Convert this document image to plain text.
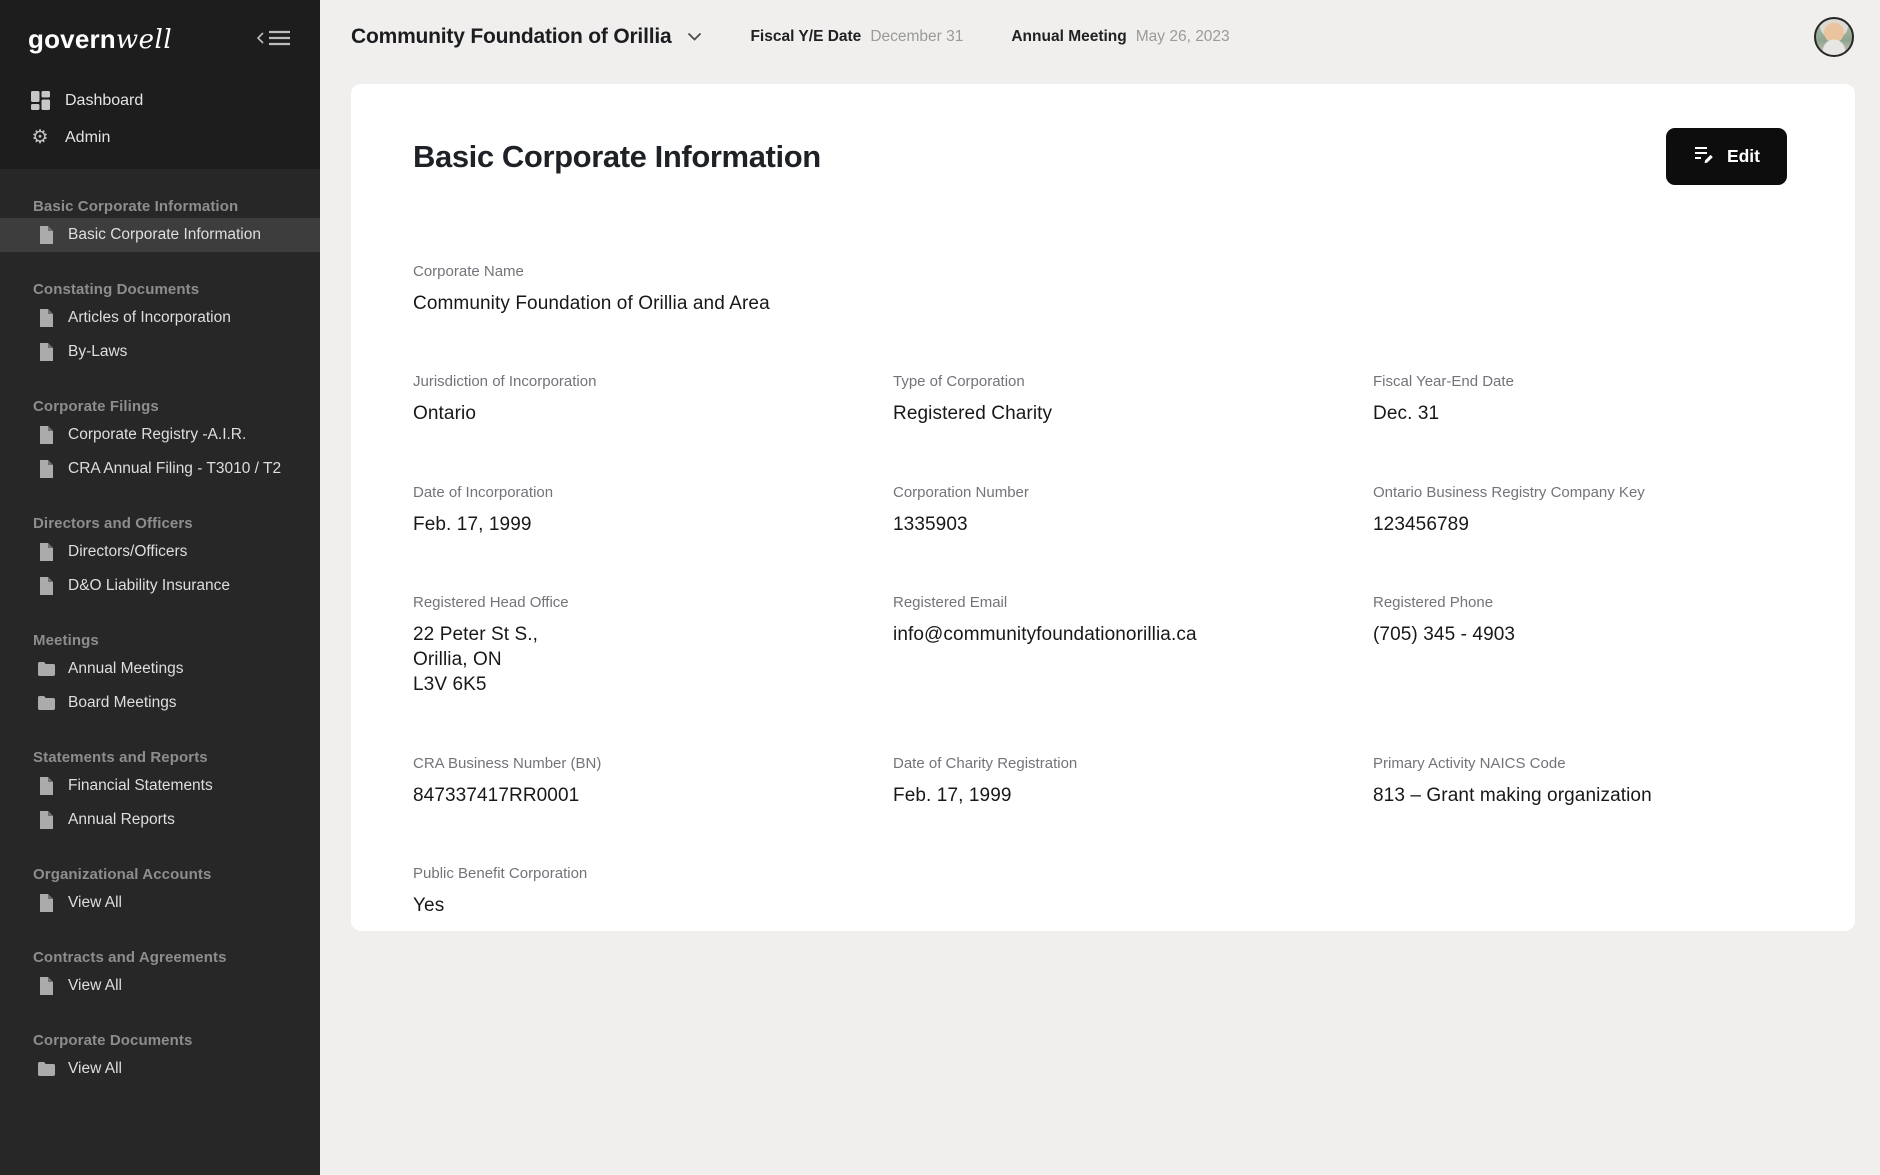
governwell
Dashboard
⚙ Admin
Basic Corporate Information
Basic Corporate Information
Constating Documents
Articles of Incorporation
By-Laws
Corporate Filings
Corporate Registry -A.I.R.
CRA Annual Filing - T3010 / T2
Directors and Officers
Directors/Officers
D&O Liability Insurance
Meetings
Annual Meetings
Board Meetings
Statements and Reports
Financial Statements
Annual Reports
Organizational Accounts
View All
Contracts and Agreements
View All
Corporate Documents
View All
Community Foundation of Orillia	Fiscal Y/E Date December 31	Annual Meeting May 26, 2023
Basic Corporate Information	Edit
Corporate Name
Community Foundation of Orillia and Area
Jurisdiction of Incorporation
Ontario
Type of Corporation
Registered Charity
Fiscal Year-End Date
Dec. 31
Date of Incorporation
Feb. 17, 1999
Corporation Number
1335903
Ontario Business Registry Company Key
123456789
Registered Head Office
22 Peter St S.,
Orillia, ON
L3V 6K5
Registered Email
info@communityfoundationorillia.ca
Registered Phone
(705) 345 - 4903
CRA Business Number (BN)
847337417RR0001
Date of Charity Registration
Feb. 17, 1999
Primary Activity NAICS Code
813 – Grant making organization
Public Benefit Corporation
Yes
